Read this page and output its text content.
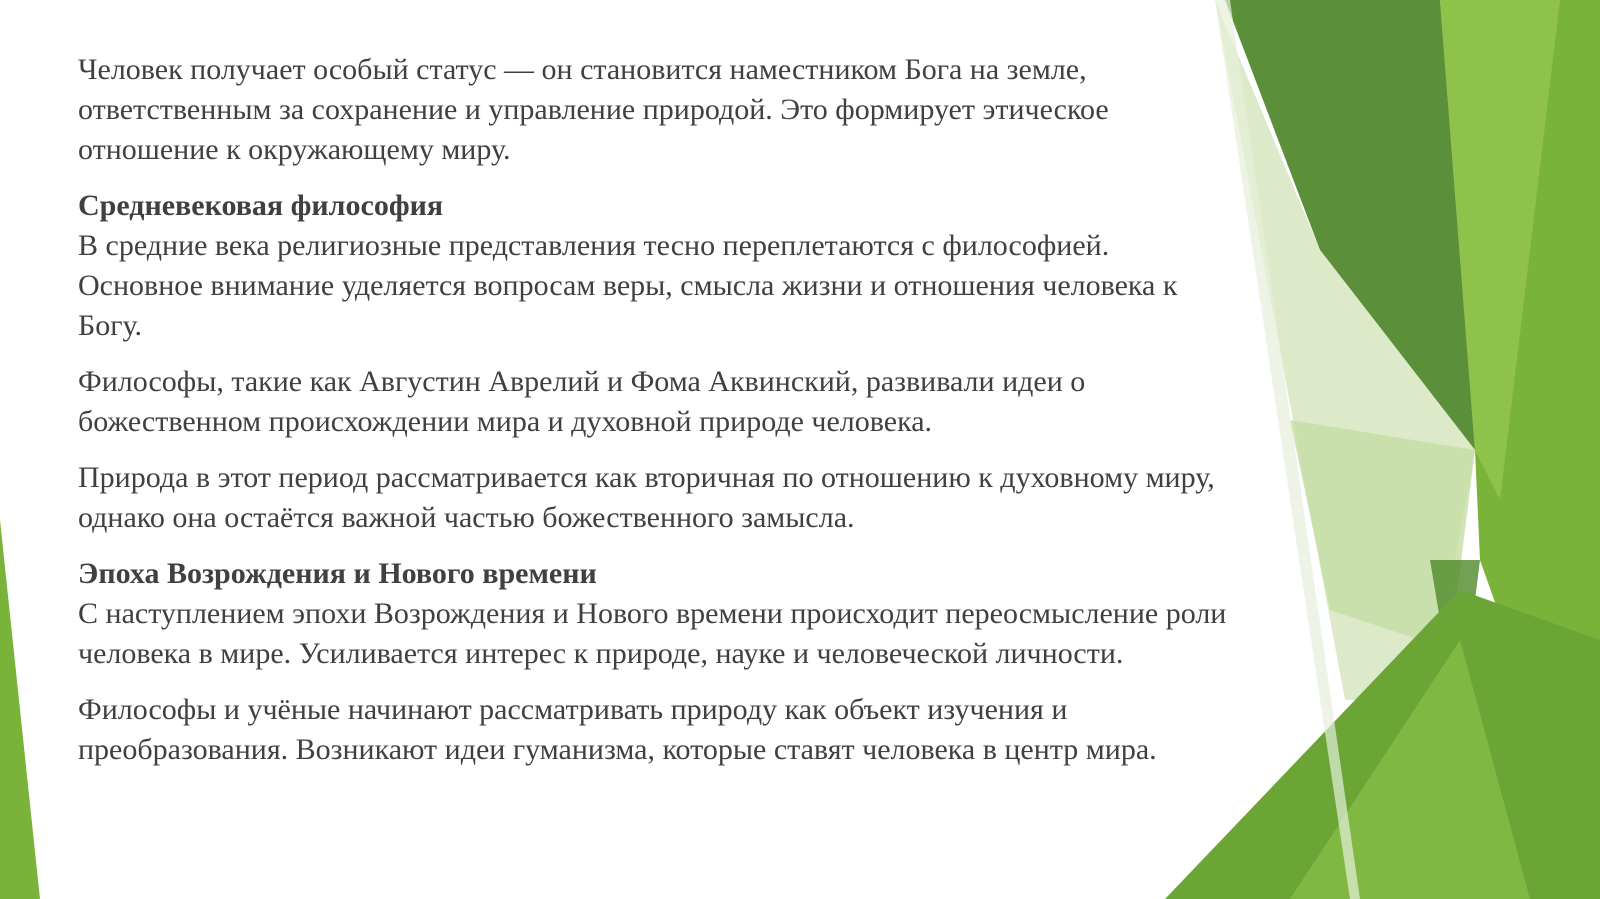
Человек получает особый статус — он становится наместником Бога на земле, ответственным за сохранение и управление природой. Это формирует этическое отношение к окружающему миру.

Средневековая философия
В средние века религиозные представления тесно переплетаются с философией. Основное внимание уделяется вопросам веры, смысла жизни и отношения человека к Богу.

Философы, такие как Августин Аврелий и Фома Аквинский, развивали идеи о божественном происхождении мира и духовной природе человека.

Природа в этот период рассматривается как вторичная по отношению к духовному миру, однако она остаётся важной частью божественного замысла.

Эпоха Возрождения и Нового времени
С наступлением эпохи Возрождения и Нового времени происходит переосмысление роли человека в мире. Усиливается интерес к природе, науке и человеческой личности.

Философы и учёные начинают рассматривать природу как объект изучения и преобразования. Возникают идеи гуманизма, которые ставят человека в центр мира.
